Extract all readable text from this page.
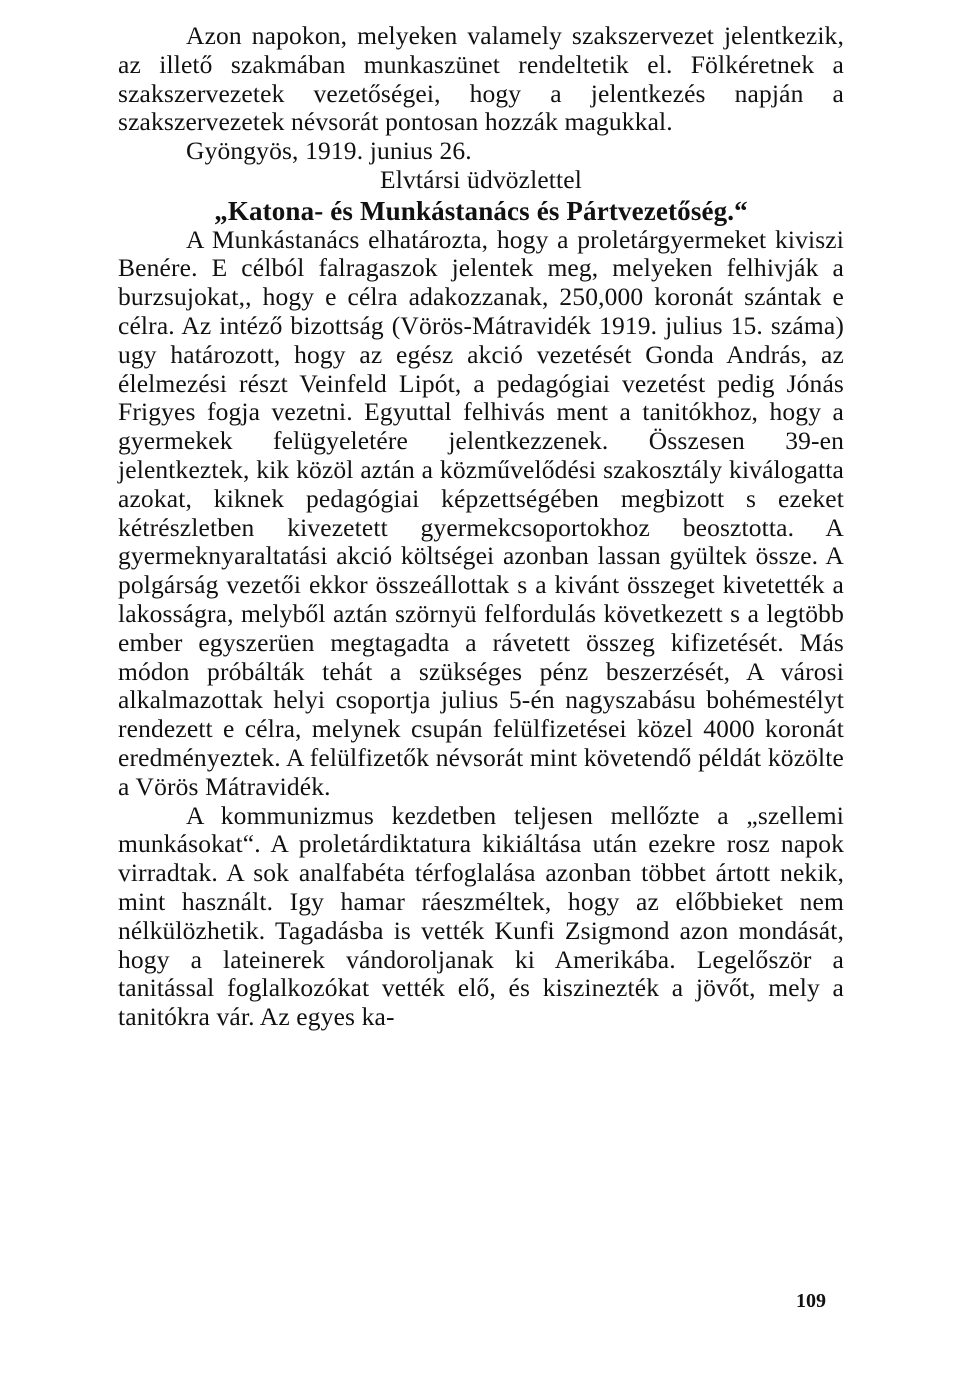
Azon napokon, melyeken valamely szakszervezet jelentkezik, az illető szakmában munkaszünet rendeltetik el. Fölkéretnek a szakszervezetek vezetőségei, hogy a jelentkezés napján a szakszervezetek névsorát pontosan hozzák magukkal.

Gyöngyös, 1919. junius 26.

Elvtársi üdvözlettel

„Katona- és Munkástanács és Pártvezetőség.“

A Munkástanács elhatározta, hogy a proletárgyermeket kiviszi Benére. E célból falragaszok jelentek meg, melyeken felhivják a burzsujokat,, hogy e célra adakozzanak, 250,000 koronát szántak e célra. Az intéző bizottság (Vörös-Mátravidék 1919. julius 15. száma) ugy határozott, hogy az egész akció vezetését Gonda András, az élelmezési részt Veinfeld Lipót, a pedagógiai vezetést pedig Jónás Frigyes fogja vezetni. Egyuttal felhivás ment a tanitókhoz, hogy a gyermekek felügyeletére jelentkezzenek. Összesen 39-en jelentkeztek, kik közöl aztán a közművelődési szakosztály kiválogatta azokat, kiknek pedagógiai képzettségében megbizott s ezeket kétrészletben kivezetett gyermekcsoportokhoz beosztotta. A gyermeknyaraltatási akció költségei azonban lassan gyültek össze. A polgárság vezetői ekkor összeállottak s a kivánt összeget kivetették a lakosságra, melyből aztán szörnyü felfordulás következett s a legtöbb ember egyszerüen megtagadta a rávetett összeg kifizetését. Más módon próbálták tehát a szükséges pénz beszerzését, A városi alkalmazottak helyi csoportja julius 5-én nagyszabásu bohémestélyt rendezett e célra, melynek csupán felülfizetései közel 4000 koronát eredményeztek. A felülfizetők névsorát mint követendő példát közölte a Vörös Mátravidék.

A kommunizmus kezdetben teljesen mellőzte a „szellemi munkásokat“. A proletárdiktatura kikiáltása után ezekre rosz napok virradtak. A sok analfabéta térfoglalása azonban többet ártott nekik, mint használt. Igy hamar ráeszméltek, hogy az előbbieket nem nélkülözhetik. Tagadásba is vették Kunfi Zsigmond azon mondását, hogy a lateinerek vándoroljanak ki Amerikába. Legelőször a tanitással foglalkozókat vették elő, és kiszinezték a jövőt, mely a tanitókra vár. Az egyes ka-

109
